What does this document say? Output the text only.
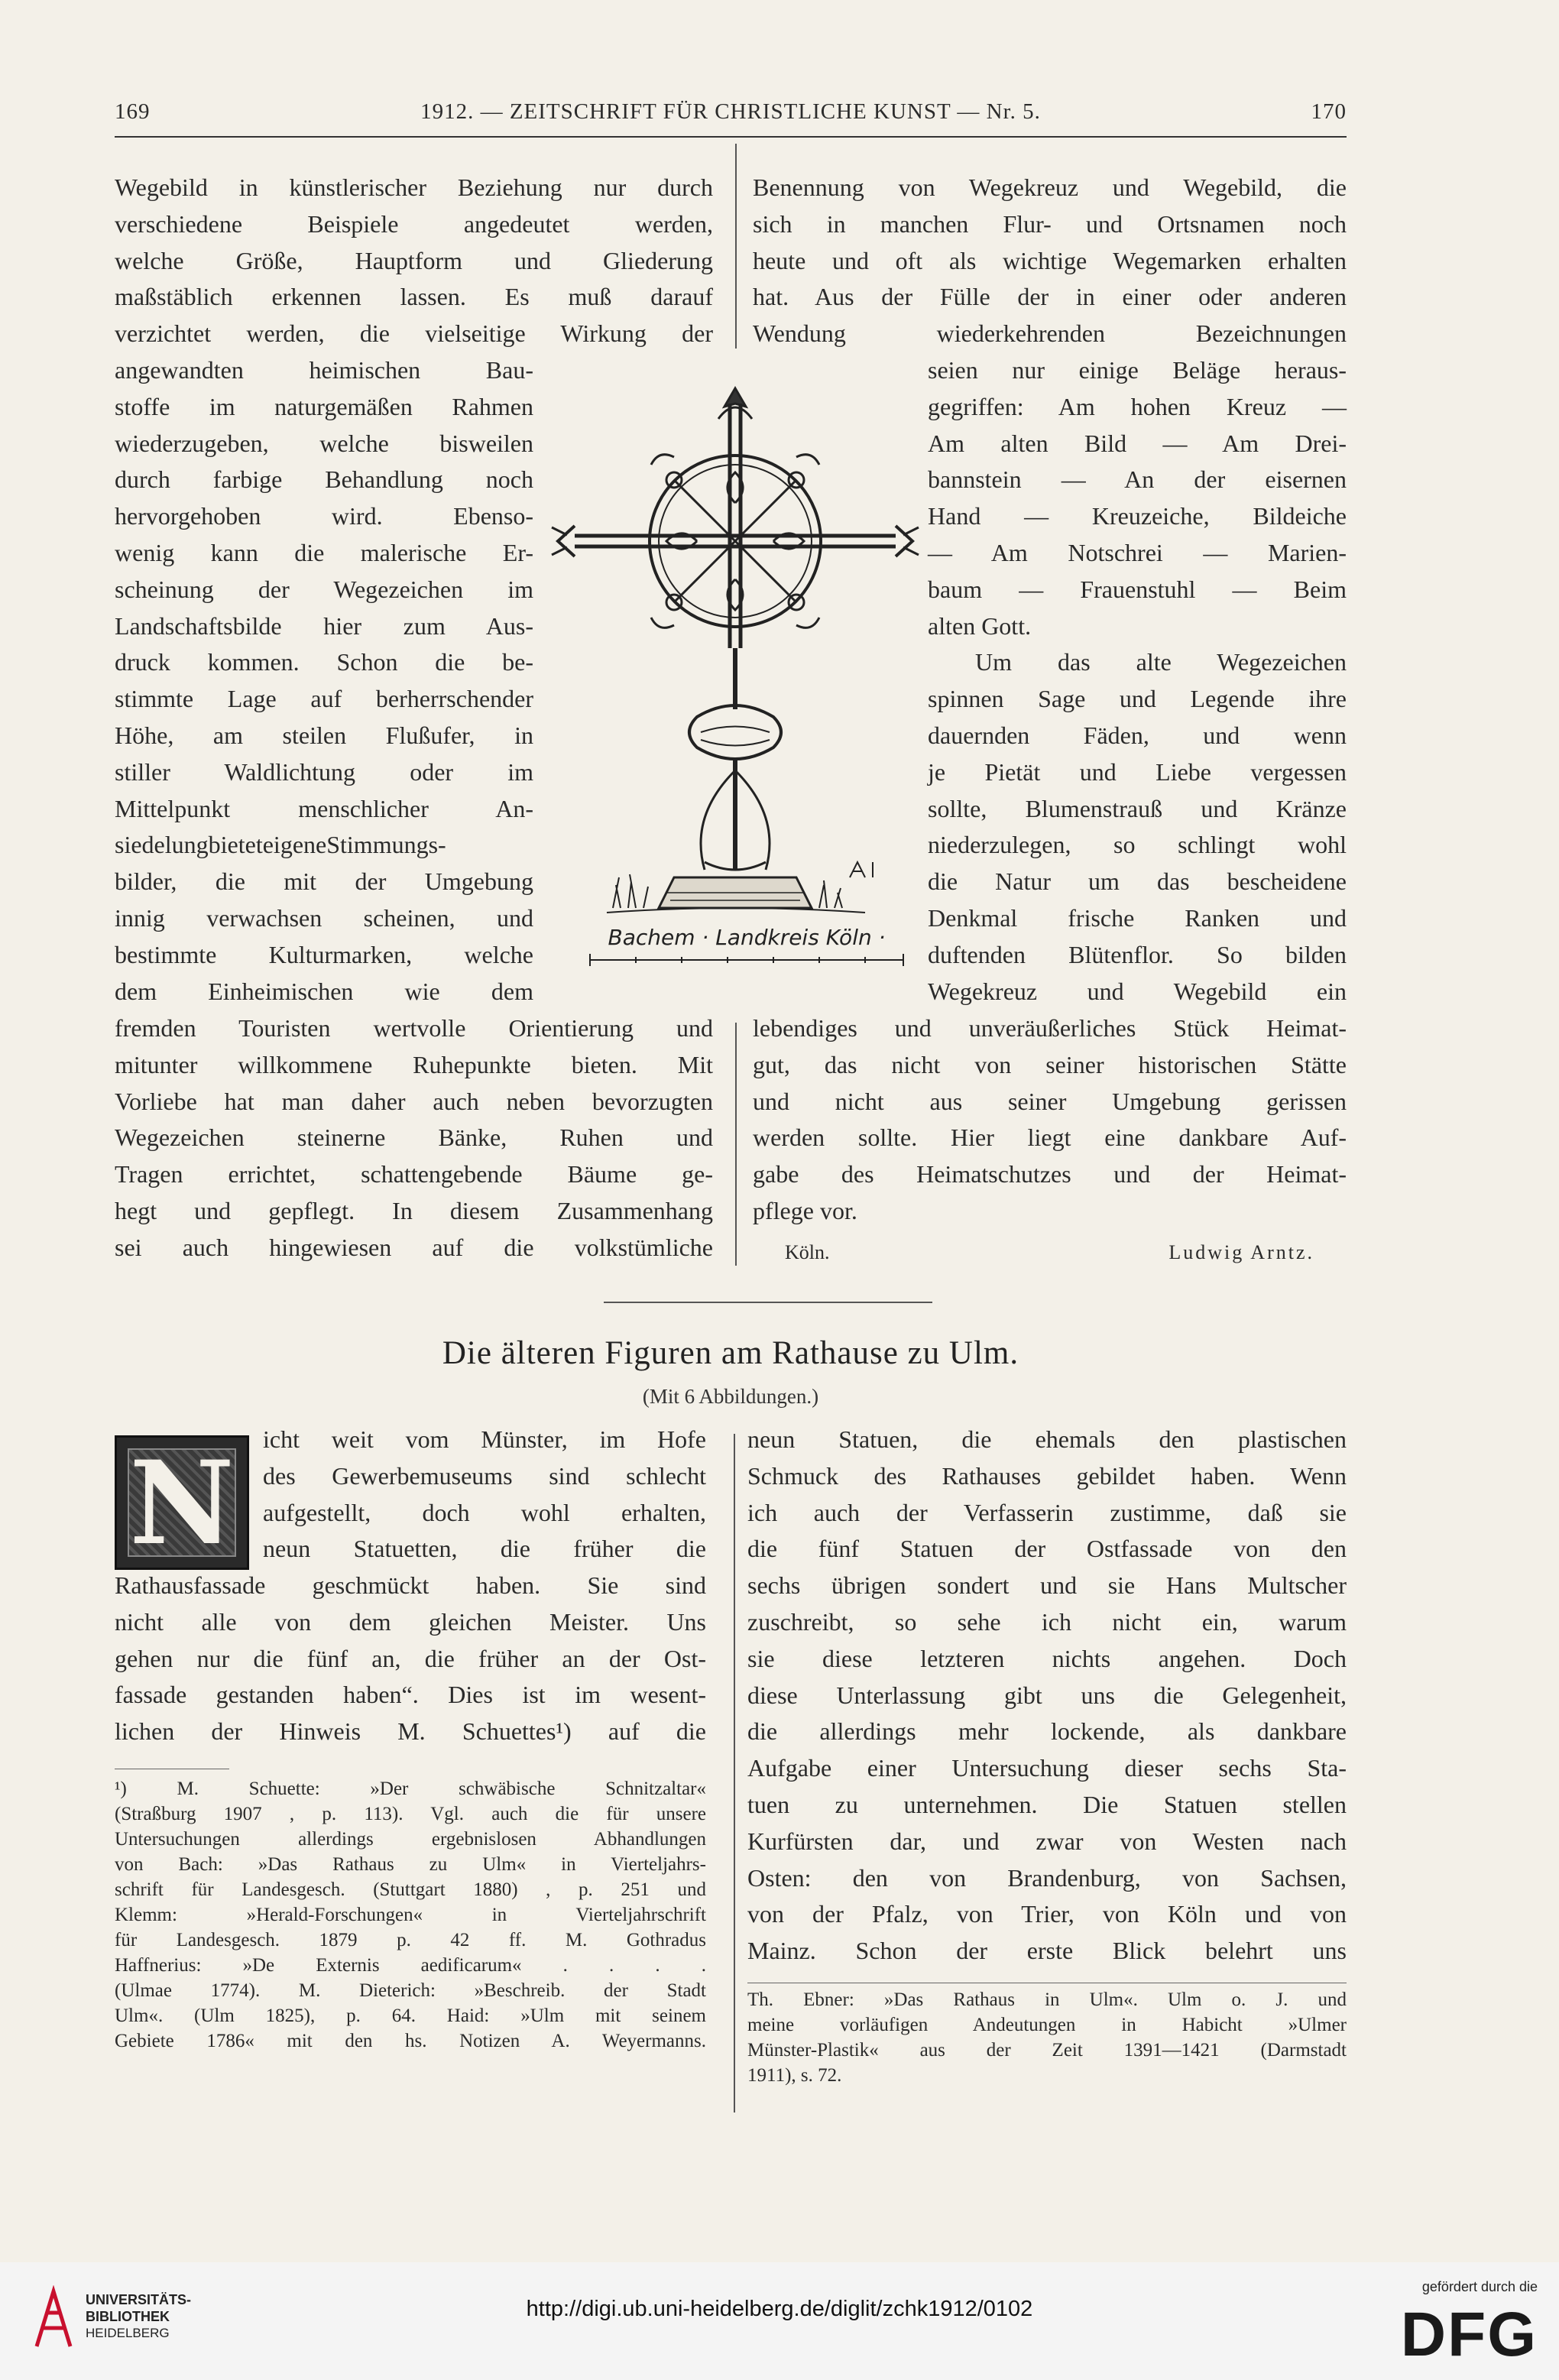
169	1912. — ZEITSCHRIFT FÜR CHRISTLICHE KUNST — Nr. 5.	170
Wegebild in künstlerischer Beziehung nur durch
verschiedene Beispiele angedeutet werden,
welche Größe, Hauptform und Gliederung
maßstäblich erkennen lassen. Es muß darauf
verzichtet werden, die vielseitige Wirkung der
angewandten heimischen Bau-
stoffe im naturgemäßen Rahmen
wiederzugeben, welche bisweilen
durch farbige Behandlung noch
hervorgehoben wird. Ebenso-
wenig kann die malerische Er-
scheinung der Wegezeichen im
Landschaftsbilde hier zum Aus-
druck kommen. Schon die be-
stimmte Lage auf berherrschender
Höhe, am steilen Flußufer, in
stiller Waldlichtung oder im
Mittelpunkt menschlicher An-
siedelungbieteteigeneStimmungs-
bilder, die mit der Umgebung
innig verwachsen scheinen, und
bestimmte Kulturmarken, welche
dem Einheimischen wie dem
fremden Touristen wertvolle Orientierung und
mitunter willkommene Ruhepunkte bieten. Mit
Vorliebe hat man daher auch neben bevorzugten
Wegezeichen steinerne Bänke, Ruhen und
Tragen errichtet, schattengebende Bäume ge-
hegt und gepflegt. In diesem Zusammenhang
sei auch hingewiesen auf die volkstümliche
Benennung von Wegekreuz und Wegebild, die
sich in manchen Flur- und Ortsnamen noch
heute und oft als wichtige Wegemarken erhalten
hat. Aus der Fülle der in einer oder anderen
Wendung wiederkehrenden Bezeichnungen
seien nur einige Beläge heraus-
gegriffen: Am hohen Kreuz —
Am alten Bild — Am Drei-
bannstein — An der eisernen
Hand — Kreuzeiche, Bildeiche
— Am Notschrei — Marien-
baum — Frauenstuhl — Beim
alten Gott.
Um das alte Wegezeichen
spinnen Sage und Legende ihre
dauernden Fäden, und wenn
je Pietät und Liebe vergessen
sollte, Blumenstrauß und Kränze
niederzulegen, so schlingt wohl
die Natur um das bescheidene
Denkmal frische Ranken und
duftenden Blütenflor. So bilden
Wegekreuz und Wegebild ein
lebendiges und unveräußerliches Stück Heimat-
gut, das nicht von seiner historischen Stätte
und nicht aus seiner Umgebung gerissen
werden sollte. Hier liegt eine dankbare Auf-
gabe des Heimatschutzes und der Heimat-
pflege vor.
Köln.	Ludwig Arntz.
Bachem · Landkreis Köln ·
Die älteren Figuren am Rathause zu Ulm.
(Mit 6 Abbildungen.)
N	icht weit vom Münster, im Hofe
des Gewerbemuseums sind schlecht
aufgestellt, doch wohl erhalten,
neun Statuetten, die früher die
Rathausfassade geschmückt haben. Sie sind
nicht alle von dem gleichen Meister. Uns
gehen nur die fünf an, die früher an der Ost-
fassade gestanden haben“. Dies ist im wesent-
lichen der Hinweis M. Schuettes¹) auf die
¹) M. Schuette: »Der schwäbische Schnitzaltar«
(Straßburg 1907 , p. 113). Vgl. auch die für unsere
Untersuchungen allerdings ergebnislosen Abhandlungen
von Bach: »Das Rathaus zu Ulm« in Vierteljahrs-
schrift für Landesgesch. (Stuttgart 1880) , p. 251 und
Klemm: »Herald-Forschungen« in Vierteljahrschrift
für Landesgesch. 1879 p. 42 ff. M. Gothradus
Haffnerius: »De Externis aedificarum« . . . .
(Ulmae 1774). M. Dieterich: »Beschreib. der Stadt
Ulm«. (Ulm 1825), p. 64. Haid: »Ulm mit seinem
Gebiete 1786« mit den hs. Notizen A. Weyermanns.
neun Statuen, die ehemals den plastischen
Schmuck des Rathauses gebildet haben. Wenn
ich auch der Verfasserin zustimme, daß sie
die fünf Statuen der Ostfassade von den
sechs übrigen sondert und sie Hans Multscher
zuschreibt, so sehe ich nicht ein, warum
sie diese letzteren nichts angehen. Doch
diese Unterlassung gibt uns die Gelegenheit,
die allerdings mehr lockende, als dankbare
Aufgabe einer Untersuchung dieser sechs Sta-
tuen zu unternehmen. Die Statuen stellen
Kurfürsten dar, und zwar von Westen nach
Osten: den von Brandenburg, von Sachsen,
von der Pfalz, von Trier, von Köln und von
Mainz. Schon der erste Blick belehrt uns
Th. Ebner: »Das Rathaus in Ulm«. Ulm o. J. und
meine vorläufigen Andeutungen in Habicht »Ulmer
Münster-Plastik« aus der Zeit 1391—1421 (Darmstadt
1911), s. 72.
UNIVERSITÄTS-
BIBLIOTHEK
HEIDELBERG
http://digi.ub.uni-heidelberg.de/diglit/zchk1912/0102
gefördert durch die
DFG
